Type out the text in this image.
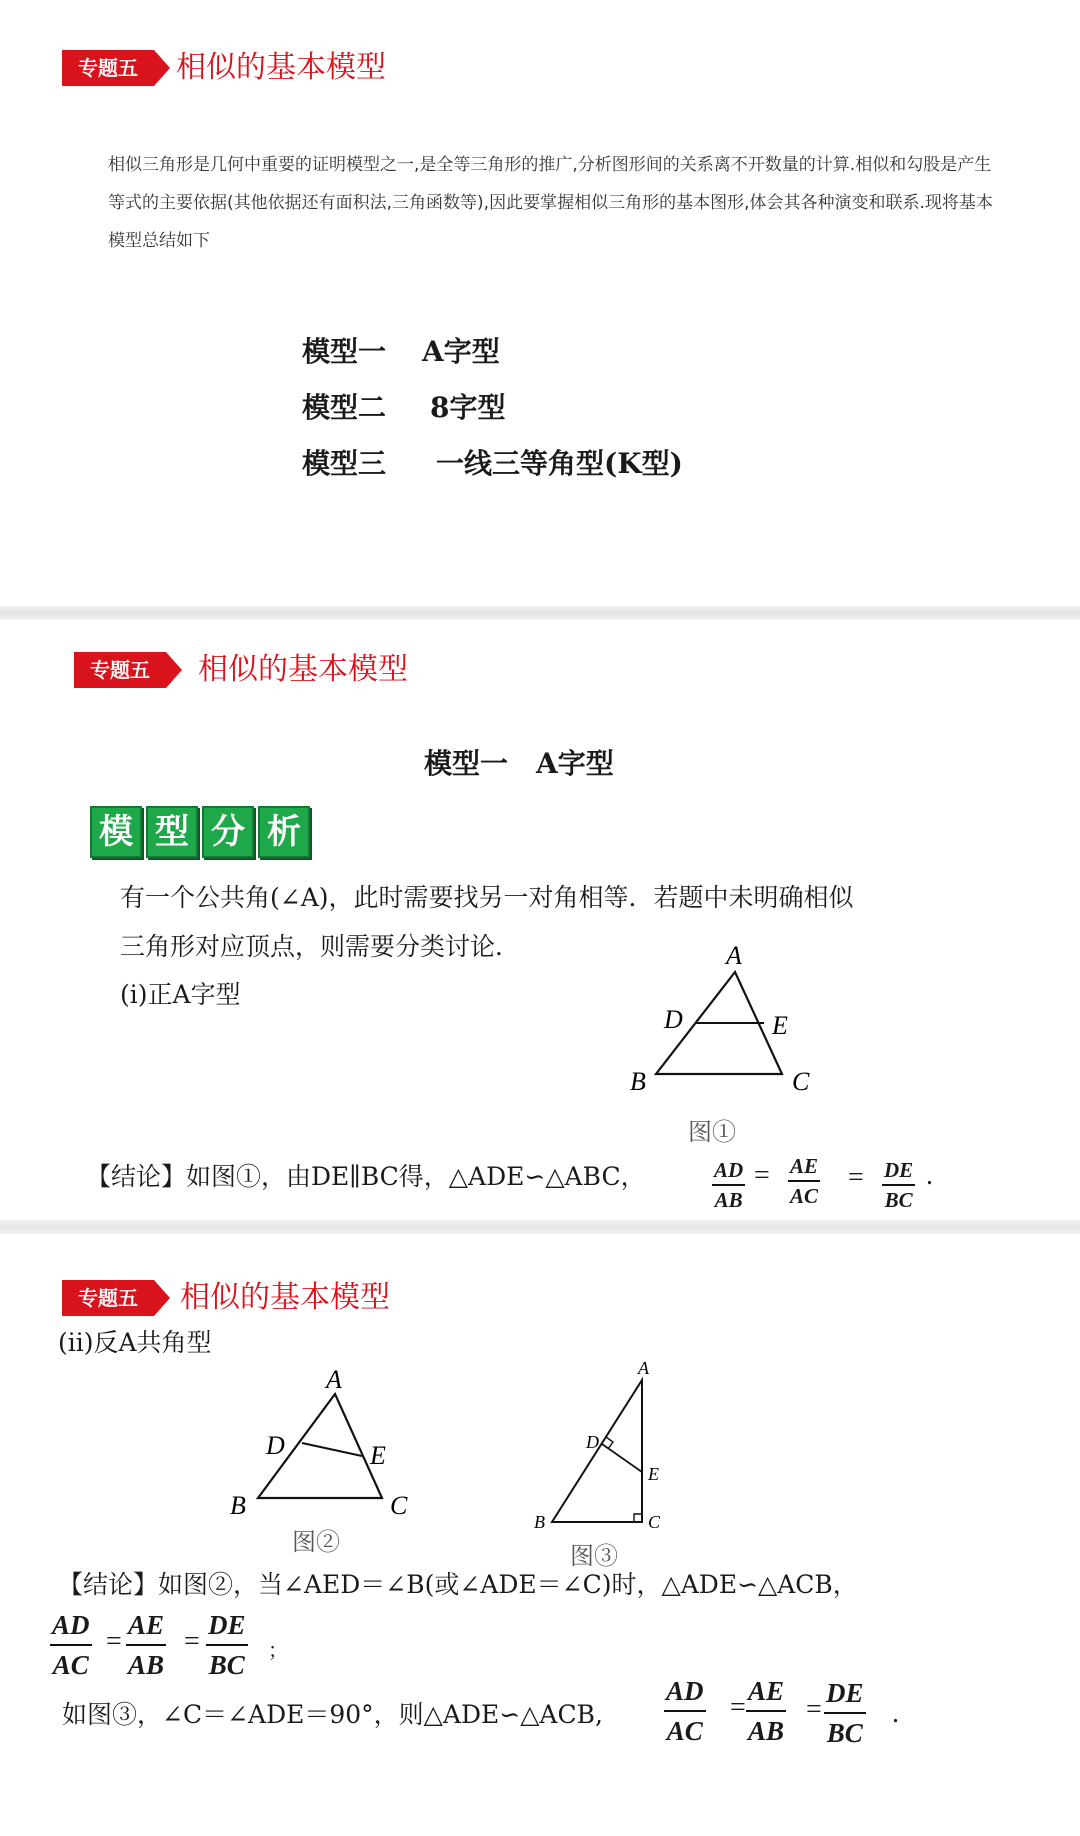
专题五	相似的基本模型
相似三角形是几何中重要的证明模型之一,是全等三角形的推广,分析图形间的关系离不开数量的计算.相似和勾股是产生等式的主要依据(其他依据还有面积法,三角函数等),因此要掌握相似三角形的基本图形,体会其各种演变和联系.现将基本模型总结如下
模型一 A字型
模型二 8字型
模型三 一线三等角型(K型)
专题五	相似的基本模型
模型一　A字型
模 型 分 析
有一个公共角(∠A)，此时需要找另一对角相等．若题中未明确相似
三角形对应顶点，则需要分类讨论．
(ⅰ)正A字型
A
D	E
B	C
图①
【结论】如图①，由DE∥BC得，△ADE∽△ABC，	$\frac{AD}{AB} = \frac{AE}{AC} = \frac{DE}{BC}$ .
专题五	相似的基本模型
(ⅱ)反A共角型
A
D	E
B	C
图②
A
D
E
B	C
图③
【结论】如图②，当∠AED＝∠B(或∠ADE＝∠C)时，△ADE∽△ACB，
$\frac{AD}{AC} = \frac{AE}{AB} = \frac{DE}{BC}$ ；
如图③，∠C＝∠ADE＝90°，则△ADE∽△ACB, $\frac{AD}{AC} = \frac{AE}{AB} = \frac{DE}{BC}$ .
